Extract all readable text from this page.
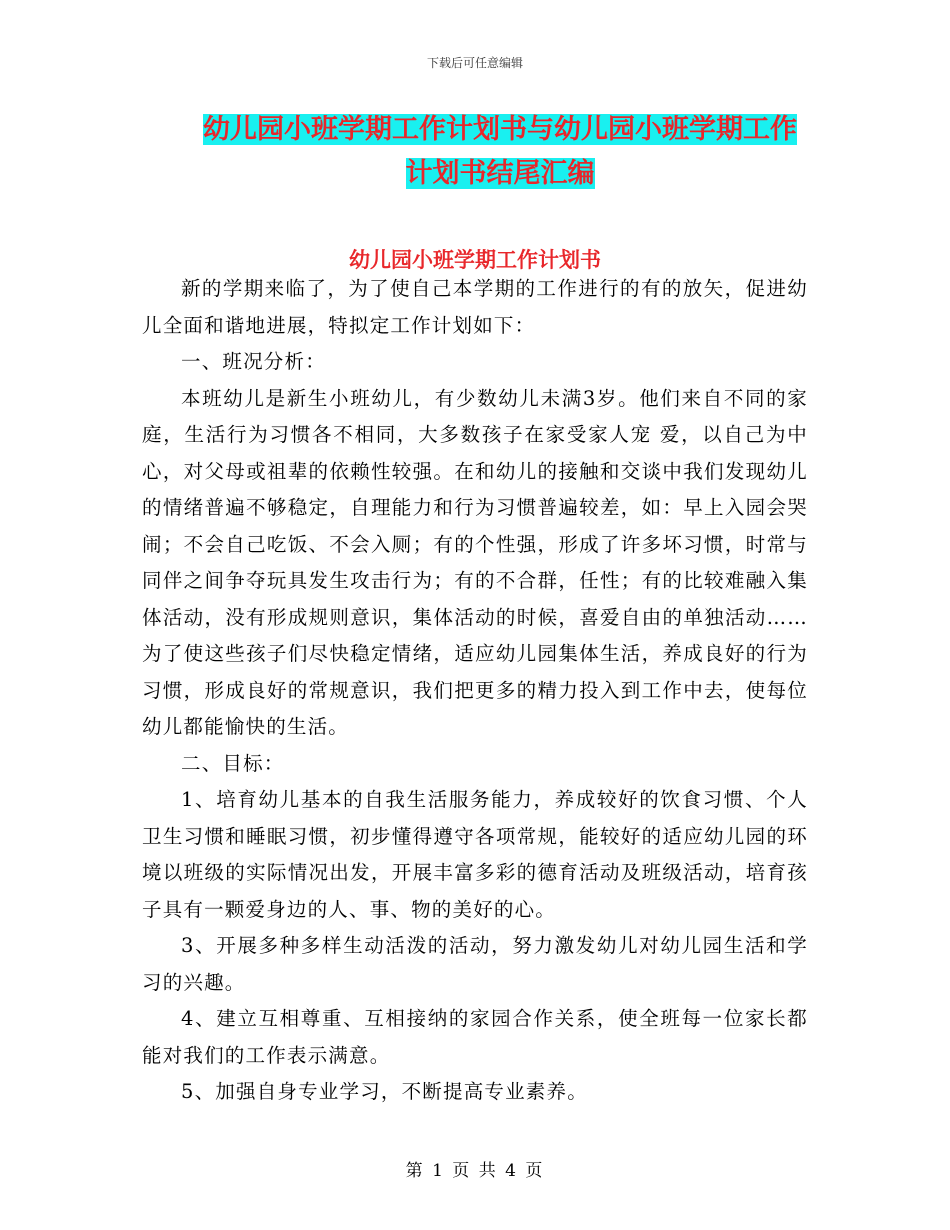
下载后可任意编辑
幼儿园小班学期工作计划书与幼儿园小班学期工作计划书结尾汇编
幼儿园小班学期工作计划书

新的学期来临了，为了使自己本学期的工作进行的有的放矢，促进幼儿全面和谐地进展，特拟定工作计划如下：

一、班况分析：

本班幼儿是新生小班幼儿，有少数幼儿未满3岁。他们来自不同的家庭，生活行为习惯各不相同，大多数孩子在家受家人宠 爱，以自己为中心，对父母或祖辈的依赖性较强。在和幼儿的接触和交谈中我们发现幼儿的情绪普遍不够稳定，自理能力和行为习惯普遍较差，如：早上入园会哭闹；不会自己吃饭、不会入厕；有的个性强，形成了许多坏习惯，时常与同伴之间争夺玩具发生攻击行为；有的不合群，任性；有的比较难融入集体活动，没有形成规则意识，集体活动的时候，喜爱自由的单独活动……为了使这些孩子们尽快稳定情绪，适应幼儿园集体生活，养成良好的行为习惯，形成良好的常规意识，我们把更多的精力投入到工作中去，使每位幼儿都能愉快的生活。

二、目标：

1、培育幼儿基本的自我生活服务能力，养成较好的饮食习惯、个人卫生习惯和睡眠习惯，初步懂得遵守各项常规，能较好的适应幼儿园的环境以班级的实际情况出发，开展丰富多彩的德育活动及班级活动，培育孩子具有一颗爱身边的人、事、物的美好的心。

3、开展多种多样生动活泼的活动，努力激发幼儿对幼儿园生活和学习的兴趣。

4、建立互相尊重、互相接纳的家园合作关系，使全班每一位家长都能对我们的工作表示满意。

5、加强自身专业学习，不断提高专业素养。

第 1 页 共 4 页
